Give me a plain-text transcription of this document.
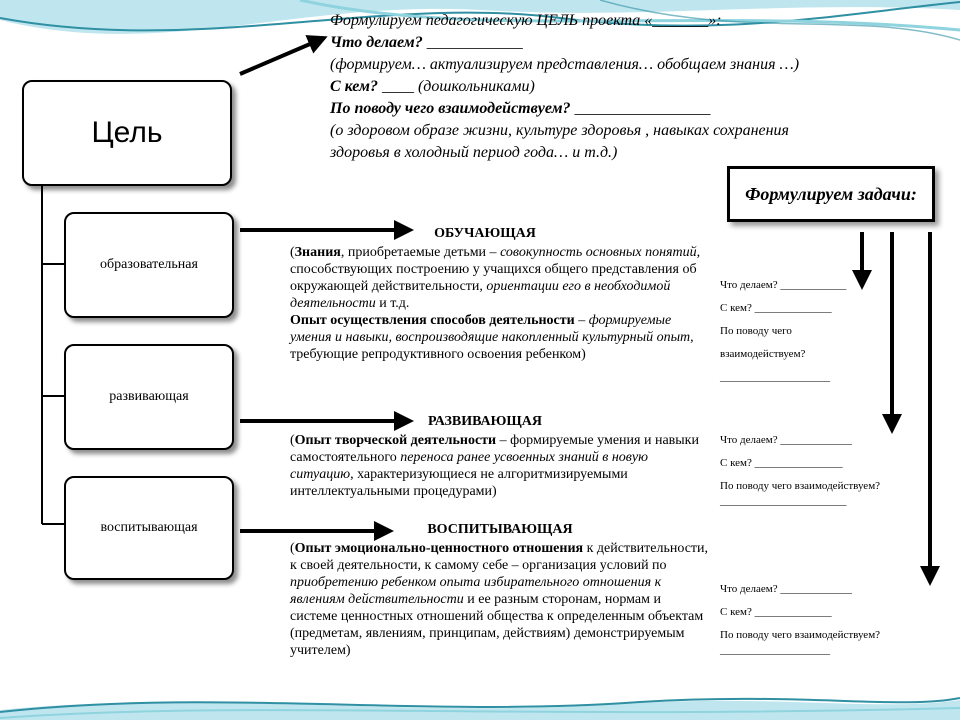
Формулируем педагогическую ЦЕЛЬ проекта «_______»:
Что делаем? ____________
(формируем… актуализируем представления… обобщаем знания …)
С кем? ____ (дошкольниками)
По поводу чего взаимодействуем? _________________
(о здоровом образе жизни, культуре здоровья , навыках сохранения
здоровья в холодный период года… и т.д.)
Цель
образовательная
развивающая
воспитывающая
ОБУЧАЮЩАЯ
(Знания, приобретаемые детьми – совокупность основных понятий, способствующих построению у учащихся общего представления об окружающей действительности, ориентации его в необходимой деятельности и т.д.
Опыт осуществления способов деятельности – формируемые умения и навыки, воспроизводящие накопленный культурный опыт, требующие репродуктивного освоения ребенком)
РАЗВИВАЮЩАЯ
(Опыт творческой деятельности – формируемые умения и навыки самостоятельного переноса ранее усвоенных знаний в новую ситуацию, характеризующиеся не алгоритмизируемыми интеллектуальными процедурами)
ВОСПИТЫВАЮЩАЯ
(Опыт эмоционально-ценностного отношения к действительности, к своей деятельности, к самому себе – организация условий по приобретению ребенком опыта избирательного отношения к явлениям действительности и ее разным сторонам, нормам и системе ценностных отношений общества к определенным объектам (предметам, явлениям, принципам, действиям) демонстрируемым учителем)
Формулируем задачи:
Что делаем? ____________
С кем? ______________
По поводу чего
взаимодействуем?
____________________
Что делаем? _____________
С кем? ________________
По поводу чего взаимодействуем?
_______________________
Что делаем? _____________
С кем? ______________
По поводу чего взаимодействуем?
____________________
